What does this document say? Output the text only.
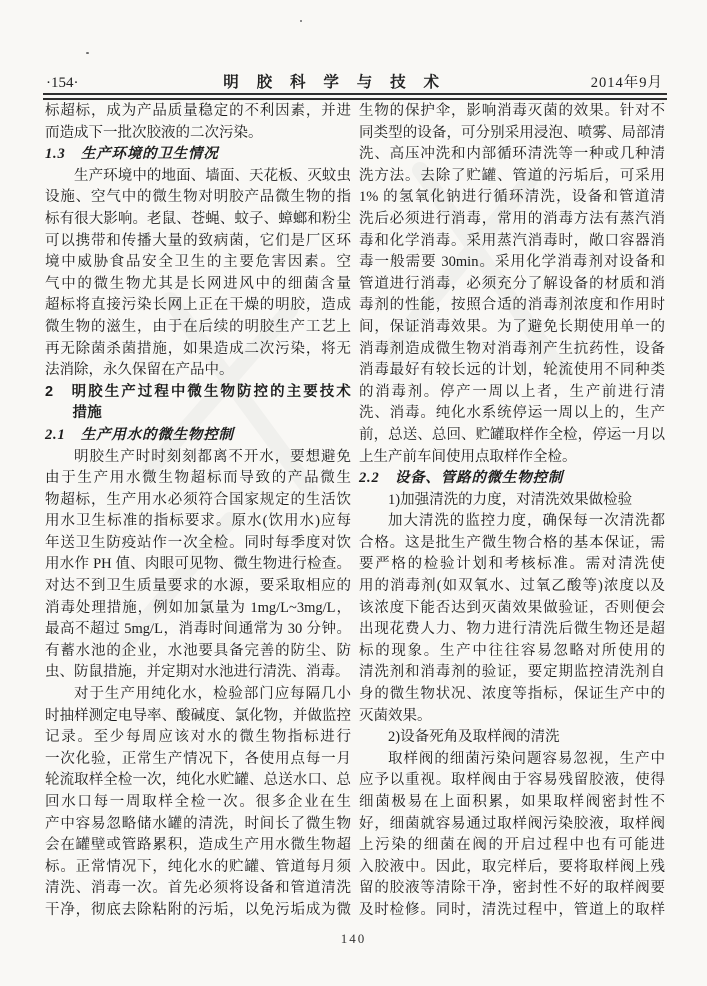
·154·	明 胶 科 学 与 技 术	2014年9月

标超标，成为产品质量稳定的不利因素，并进
而造成下一批次胶液的二次污染。

1.3　生产环境的卫生情况

生产环境中的地面、墙面、天花板、灭蚊虫
设施、空气中的微生物对明胶产品微生物的指
标有很大影响。老鼠、苍蝇、蚊子、蟑螂和粉尘
可以携带和传播大量的致病菌，它们是厂区环
境中威胁食品安全卫生的主要危害因素。空
气中的微生物尤其是长网进风中的细菌含量
超标将直接污染长网上正在干燥的明胶，造成
微生物的滋生，由于在后续的明胶生产工艺上
再无除菌杀菌措施，如果造成二次污染，将无
法消除，永久保留在产品中。

2　明胶生产过程中微生物防控的主要技术
措施

2.1　生产用水的微生物控制

明胶生产时时刻刻都离不开水，要想避免
由于生产用水微生物超标而导致的产品微生
物超标，生产用水必须符合国家规定的生活饮
用水卫生标准的指标要求。原水(饮用水)应每
年送卫生防疫站作一次全检。同时每季度对饮
用水作 PH 值、肉眼可见物、微生物进行检查。
对达不到卫生质量要求的水源，要采取相应的
消毒处理措施，例如加氯量为 1mg/L~3mg/L，
最高不超过 5mg/L，消毒时间通常为 30 分钟。
有蓄水池的企业，水池要具备完善的防尘、防
虫、防鼠措施，并定期对水池进行清洗、消毒。

对于生产用纯化水，检验部门应每隔几小
时抽样测定电导率、酸碱度、氯化物，并做监控
记录。至少每周应该对水的微生物指标进行
一次化验，正常生产情况下，各使用点每一月
轮流取样全检一次，纯化水贮罐、总送水口、总
回水口每一周取样全检一次。很多企业在生
产中容易忽略储水罐的清洗，时间长了微生物
会在罐壁或管路累积，造成生产用水微生物超
标。正常情况下，纯化水的贮罐、管道每月须
清洗、消毒一次。首先必须将设备和管道清洗
干净，彻底去除粘附的污垢，以免污垢成为微

生物的保护伞，影响消毒灭菌的效果。针对不
同类型的设备，可分别采用浸泡、喷雾、局部清
洗、高压冲洗和内部循环清洗等一种或几种清
洗方法。去除了贮罐、管道的污垢后，可采用
1% 的氢氧化钠进行循环清洗，设备和管道清
洗后必须进行消毒，常用的消毒方法有蒸汽消
毒和化学消毒。采用蒸汽消毒时，敞口容器消
毒一般需要 30min。采用化学消毒剂对设备和
管道进行消毒，必须充分了解设备的材质和消
毒剂的性能，按照合适的消毒剂浓度和作用时
间，保证消毒效果。为了避免长期使用单一的
消毒剂造成微生物对消毒剂产生抗药性，设备
消毒最好有较长远的计划，轮流使用不同种类
的消毒剂。停产一周以上者，生产前进行清
洗、消毒。纯化水系统停运一周以上的，生产
前，总送、总回、贮罐取样作全检，停运一月以
上生产前车间使用点取样作全检。

2.2　设备、管路的微生物控制

1)加强清洗的力度，对清洗效果做检验

加大清洗的监控力度，确保每一次清洗都
合格。这是批生产微生物合格的基本保证，需
要严格的检验计划和考核标准。需对清洗使
用的消毒剂(如双氧水、过氧乙酸等)浓度以及
该浓度下能否达到灭菌效果做验证，否则便会
出现花费人力、物力进行清洗后微生物还是超
标的现象。生产中往往容易忽略对所使用的
清洗剂和消毒剂的验证，要定期监控清洗剂自
身的微生物状况、浓度等指标，保证生产中的
灭菌效果。

2)设备死角及取样阀的清洗

取样阀的细菌污染问题容易忽视，生产中
应予以重视。取样阀由于容易残留胶液，使得
细菌极易在上面积累，如果取样阀密封性不
好，细菌就容易通过取样阀污染胶液，取样阀
上污染的细菌在阀的开启过程中也有可能进
入胶液中。因此，取完样后，要将取样阀上残
留的胶液等清除干净，密封性不好的取样阀要
及时检修。同时，清洗过程中，管道上的取样

140
